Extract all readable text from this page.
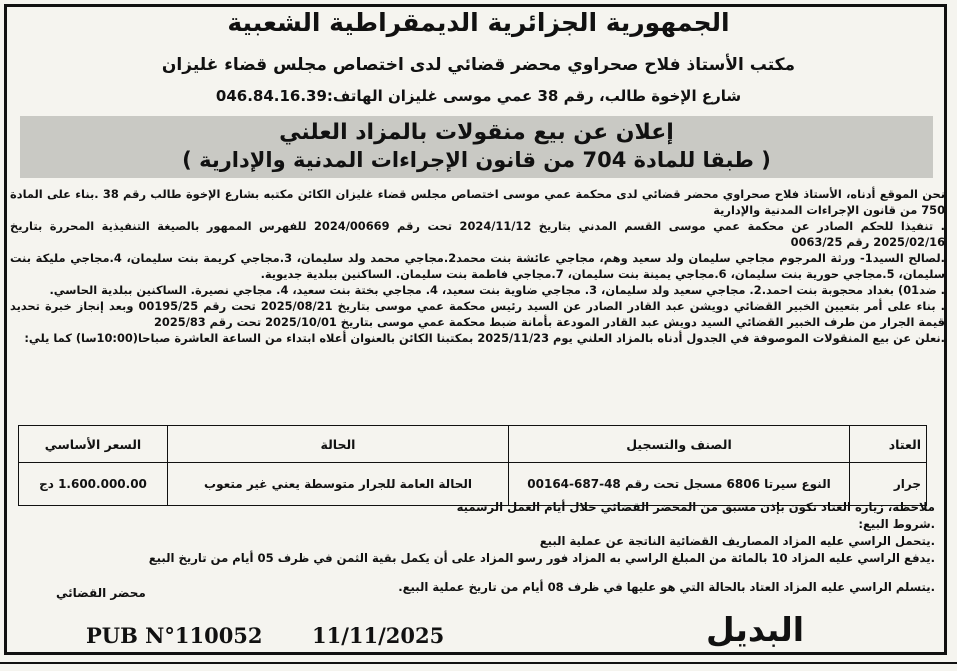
الجمهورية الجزائرية الديمقراطية الشعبية
مكتب الأستاذ فلاح صحراوي محضر قضائي لدى اختصاص مجلس قضاء غليزان
شارع الإخوة طالب، رقم 38 عمي موسى غليزان الهاتف:046.84.16.39
إعلان عن بيع منقولات بالمزاد العلني
( طبقا للمادة 704 من قانون الإجراءات المدنية والإدارية )
نحن الموقع أدناه، الأستاذ فلاح صحراوي محضر قضائي لدى محكمة عمي موسى اختصاص مجلس قضاء غليزان الكائن مكتبه بشارع الإخوة طالب رقم 38 .بناء على المادة 750 من قانون الإجراءات المدنية والإدارية
. تنفيذا للحكم الصادر عن محكمة عمي موسى القسم المدني بتاريخ 2024/11/12 تحت رقم 2024/00669 للفهرس الممهور بالصيغة التنفيذية المحررة بتاريخ 2025/02/16 رقم 0063/25
.لصالح السيد1- ورثة المرجوم مجاجي سليمان ولد سعيد وهم، مجاجي عائشة بنت محمد2.مجاجي محمد ولد سليمان، 3.مجاجي كريمة بنت سليمان، 4.مجاجي مليكة بنت سليمان، 5.مجاجي حورية بنت سليمان، 6.مجاجي يمينة بنت سليمان، 7.مجاجي فاطمة بنت سليمان. الساكنين ببلدية جديوية.
. ضد01) بغداد محجوبة بنت احمد.2. مجاجي سعيد ولد سليمان، 3. مجاجي ضاوية بنت سعيد، 4. مجاجي بختة بنت سعيد، 4. مجاجي نصيرة. الساكنين ببلدية الحاسي.
. بناء على أمر بتعيين الخبير القضائي دويشن عبد القادر الصادر عن السيد رئيس محكمة عمي موسى بتاريخ 2025/08/21 تحت رقم 00195/25 وبعد إنجاز خبرة تحديد قيمة الجرار من طرف الخبير القضائي السيد دويش عبد القادر المودعة بأمانة ضبط محكمة عمي موسى بتاريخ 2025/10/01 تحت رقم 2025/83
.نعلن عن بيع المنقولات الموصوفة في الجدول أدناه بالمزاد العلني يوم 2025/11/23 بمكتبنا الكائن بالعنوان أعلاه ابتداء من الساعة العاشرة صباحا(10:00سا) كما يلي:
العتاد	الصنف والتسجيل	الحالة	السعر الأساسي
جرار	النوع سيرتا 6806 مسجل تحت رقم 48-687-00164	الحالة العامة للجرار متوسطة يعني غير متعوب	1.600.000.00 دج
ملاحظة، زيارة العتاد تكون بإذن مسبق من المحضر القضائي خلال أيام العمل الرسمية
.شروط البيع:
.يتحمل الراسي عليه المزاد المصاريف القضائية الناتجة عن عملية البيع
.يدفع الراسي عليه المزاد 10 بالمائة من المبلغ الراسي به المزاد فور رسو المزاد على أن يكمل بقية الثمن في ظرف 05 أيام من تاريخ البيع
.يتسلم الراسي عليه المزاد العتاد بالحالة التي هو عليها في ظرف 08 أيام من تاريخ عملية البيع.
محضر القضائي
PUB N°110052 11/11/2025	البديل
